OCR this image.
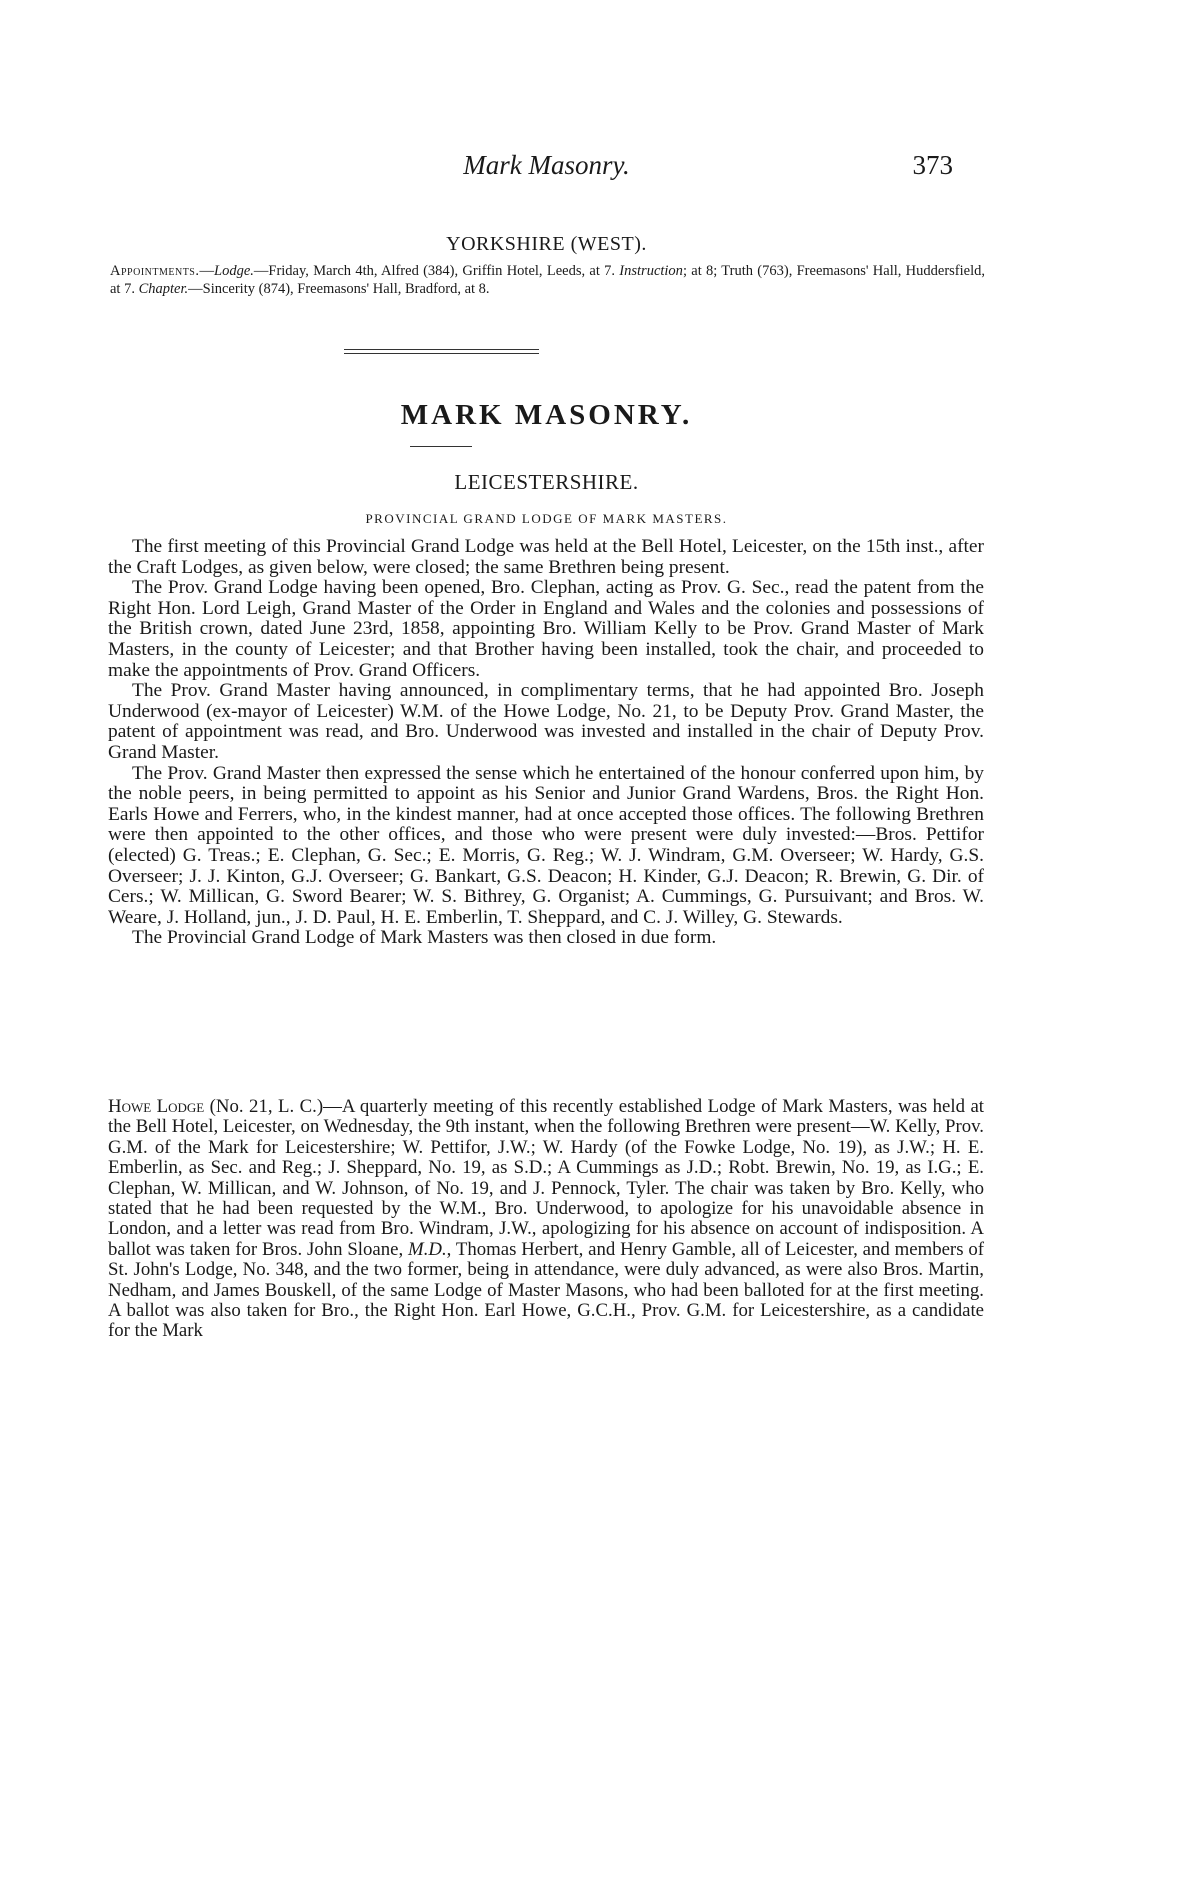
Mark Masonry.	373
YORKSHIRE (WEST).
Appointments.—Lodge.—Friday, March 4th, Alfred (384), Griffin Hotel, Leeds, at 7. Instruction; at 8; Truth (763), Freemasons' Hall, Huddersfield, at 7. Chapter.—Sincerity (874), Freemasons' Hall, Bradford, at 8.
MARK MASONRY.
LEICESTERSHIRE.
PROVINCIAL GRAND LODGE OF MARK MASTERS.

The first meeting of this Provincial Grand Lodge was held at the Bell Hotel, Leicester, on the 15th inst., after the Craft Lodges, as given below, were closed; the same Brethren being present.

The Prov. Grand Lodge having been opened, Bro. Clephan, acting as Prov. G. Sec., read the patent from the Right Hon. Lord Leigh, Grand Master of the Order in England and Wales and the colonies and possessions of the British crown, dated June 23rd, 1858, appointing Bro. William Kelly to be Prov. Grand Master of Mark Masters, in the county of Leicester; and that Brother having been installed, took the chair, and proceeded to make the appointments of Prov. Grand Officers.

The Prov. Grand Master having announced, in complimentary terms, that he had appointed Bro. Joseph Underwood (ex-mayor of Leicester) W.M. of the Howe Lodge, No. 21, to be Deputy Prov. Grand Master, the patent of appointment was read, and Bro. Underwood was invested and installed in the chair of Deputy Prov. Grand Master.

The Prov. Grand Master then expressed the sense which he entertained of the honour conferred upon him, by the noble peers, in being permitted to appoint as his Senior and Junior Grand Wardens, Bros. the Right Hon. Earls Howe and Ferrers, who, in the kindest manner, had at once accepted those offices. The following Brethren were then appointed to the other offices, and those who were present were duly invested:—Bros. Pettifor (elected) G. Treas.; E. Clephan, G. Sec.; E. Morris, G. Reg.; W. J. Windram, G.M. Overseer; W. Hardy, G.S. Overseer; J. J. Kinton, G.J. Overseer; G. Bankart, G.S. Deacon; H. Kinder, G.J. Deacon; R. Brewin, G. Dir. of Cers.; W. Millican, G. Sword Bearer; W. S. Bithrey, G. Organist; A. Cummings, G. Pursuivant; and Bros. W. Weare, J. Holland, jun., J. D. Paul, H. E. Emberlin, T. Sheppard, and C. J. Willey, G. Stewards.

The Provincial Grand Lodge of Mark Masters was then closed in due form.

Howe Lodge (No. 21, L. C.)—A quarterly meeting of this recently established Lodge of Mark Masters, was held at the Bell Hotel, Leicester, on Wednesday, the 9th instant, when the following Brethren were present—W. Kelly, Prov. G.M. of the Mark for Leicestershire; W. Pettifor, J.W.; W. Hardy (of the Fowke Lodge, No. 19), as J.W.; H. E. Emberlin, as Sec. and Reg.; J. Sheppard, No. 19, as S.D.; A Cummings as J.D.; Robt. Brewin, No. 19, as I.G.; E. Clephan, W. Millican, and W. Johnson, of No. 19, and J. Pennock, Tyler. The chair was taken by Bro. Kelly, who stated that he had been requested by the W.M., Bro. Underwood, to apologize for his unavoidable absence in London, and a letter was read from Bro. Windram, J.W., apologizing for his absence on account of indisposition. A ballot was taken for Bros. John Sloane, M.D., Thomas Herbert, and Henry Gamble, all of Leicester, and members of St. John's Lodge, No. 348, and the two former, being in attendance, were duly advanced, as were also Bros. Martin, Nedham, and James Bouskell, of the same Lodge of Master Masons, who had been balloted for at the first meeting. A ballot was also taken for Bro., the Right Hon. Earl Howe, G.C.H., Prov. G.M. for Leicestershire, as a candidate for the Mark
